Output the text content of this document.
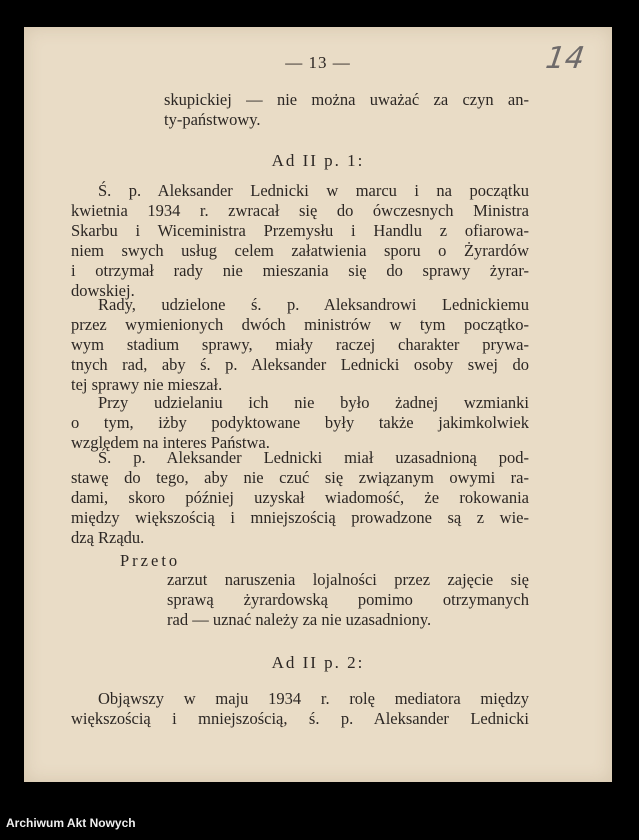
— 13 —	14
skupickiej — nie można uważać za czyn an-
ty-państwowy.
Ad II p. 1:
Ś. p. Aleksander Lednicki w marcu i na początku
kwietnia 1934 r. zwracał się do ówczesnych Ministra
Skarbu i Wiceministra Przemysłu i Handlu z ofiarowa-
niem swych usług celem załatwienia sporu o Żyrardów
i otrzymał rady nie mieszania się do sprawy żyrar-
dowskiej.
Rady, udzielone ś. p. Aleksandrowi Lednickiemu
przez wymienionych dwóch ministrów w tym początko-
wym stadium sprawy, miały raczej charakter prywa-
tnych rad, aby ś. p. Aleksander Lednicki osoby swej do
tej sprawy nie mieszał.
Przy udzielaniu ich nie było żadnej wzmianki
o tym, iżby podyktowane były także jakimkolwiek
względem na interes Państwa.
Ś. p. Aleksander Lednicki miał uzasadnioną pod-
stawę do tego, aby nie czuć się związanym owymi ra-
dami, skoro później uzyskał wiadomość, że rokowania
między większością i mniejszością prowadzone są z wie-
dzą Rządu.
Przeto
zarzut naruszenia lojalności przez zajęcie się
sprawą żyrardowską pomimo otrzymanych
rad — uznać należy za nie uzasadniony.
Ad II p. 2:
Objąwszy w maju 1934 r. rolę mediatora między
większością i mniejszością, ś. p. Aleksander Lednicki
Archiwum Akt Nowych
